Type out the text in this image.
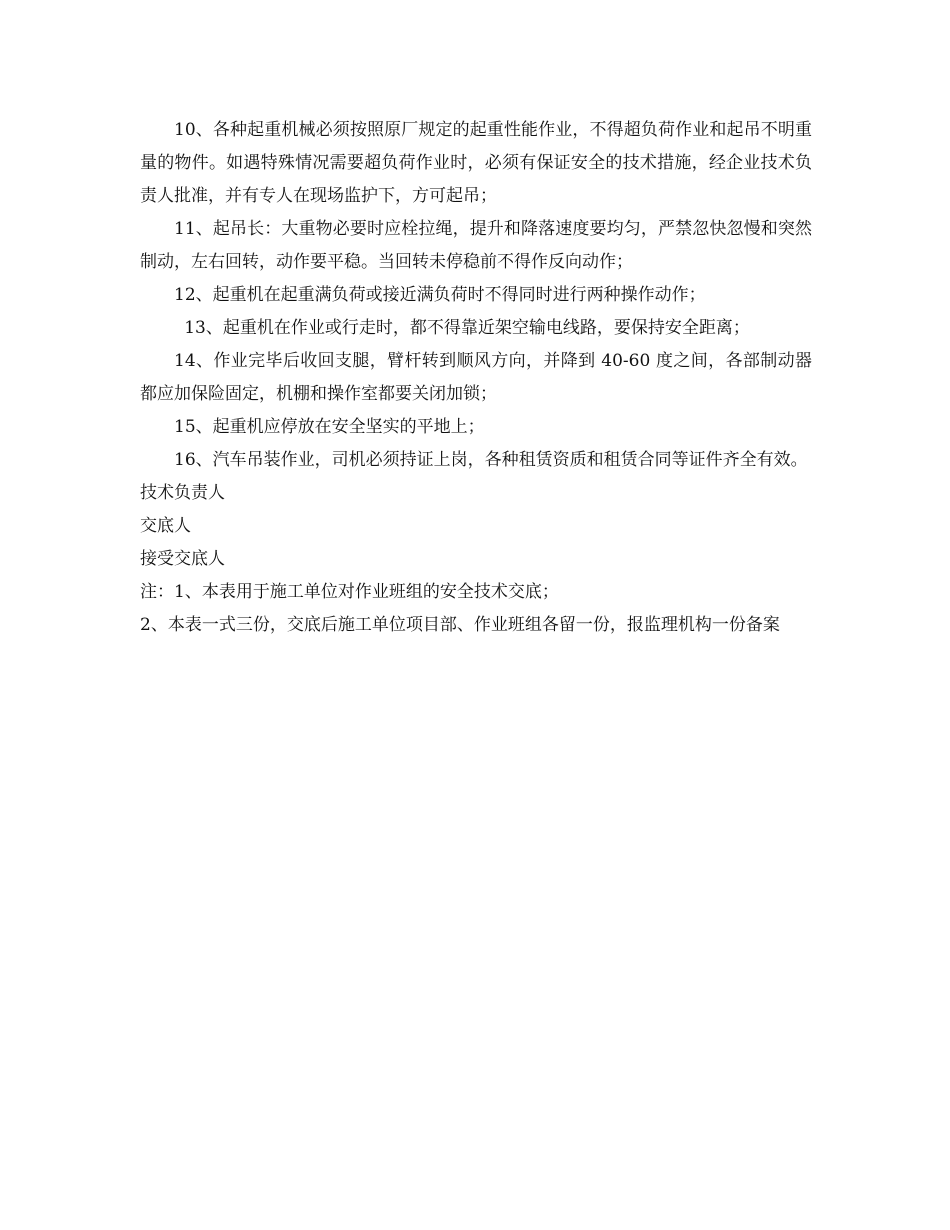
10、各种起重机械必须按照原厂规定的起重性能作业，不得超负荷作业和起吊不明重量的物件。如遇特殊情况需要超负荷作业时，必须有保证安全的技术措施，经企业技术负责人批准，并有专人在现场监护下，方可起吊；

11、起吊长：大重物必要时应栓拉绳，提升和降落速度要均匀，严禁忽快忽慢和突然制动，左右回转，动作要平稳。当回转未停稳前不得作反向动作；

12、起重机在起重满负荷或接近满负荷时不得同时进行两种操作动作；

13、起重机在作业或行走时，都不得靠近架空输电线路，要保持安全距离；

14、作业完毕后收回支腿，臂杆转到顺风方向，并降到 40-60 度之间，各部制动器都应加保险固定，机棚和操作室都要关闭加锁；

15、起重机应停放在安全坚实的平地上；

16、汽车吊装作业，司机必须持证上岗，各种租赁资质和租赁合同等证件齐全有效。

技术负责人

交底人

接受交底人

注：1、本表用于施工单位对作业班组的安全技术交底；

2、本表一式三份，交底后施工单位项目部、作业班组各留一份，报监理机构一份备案
